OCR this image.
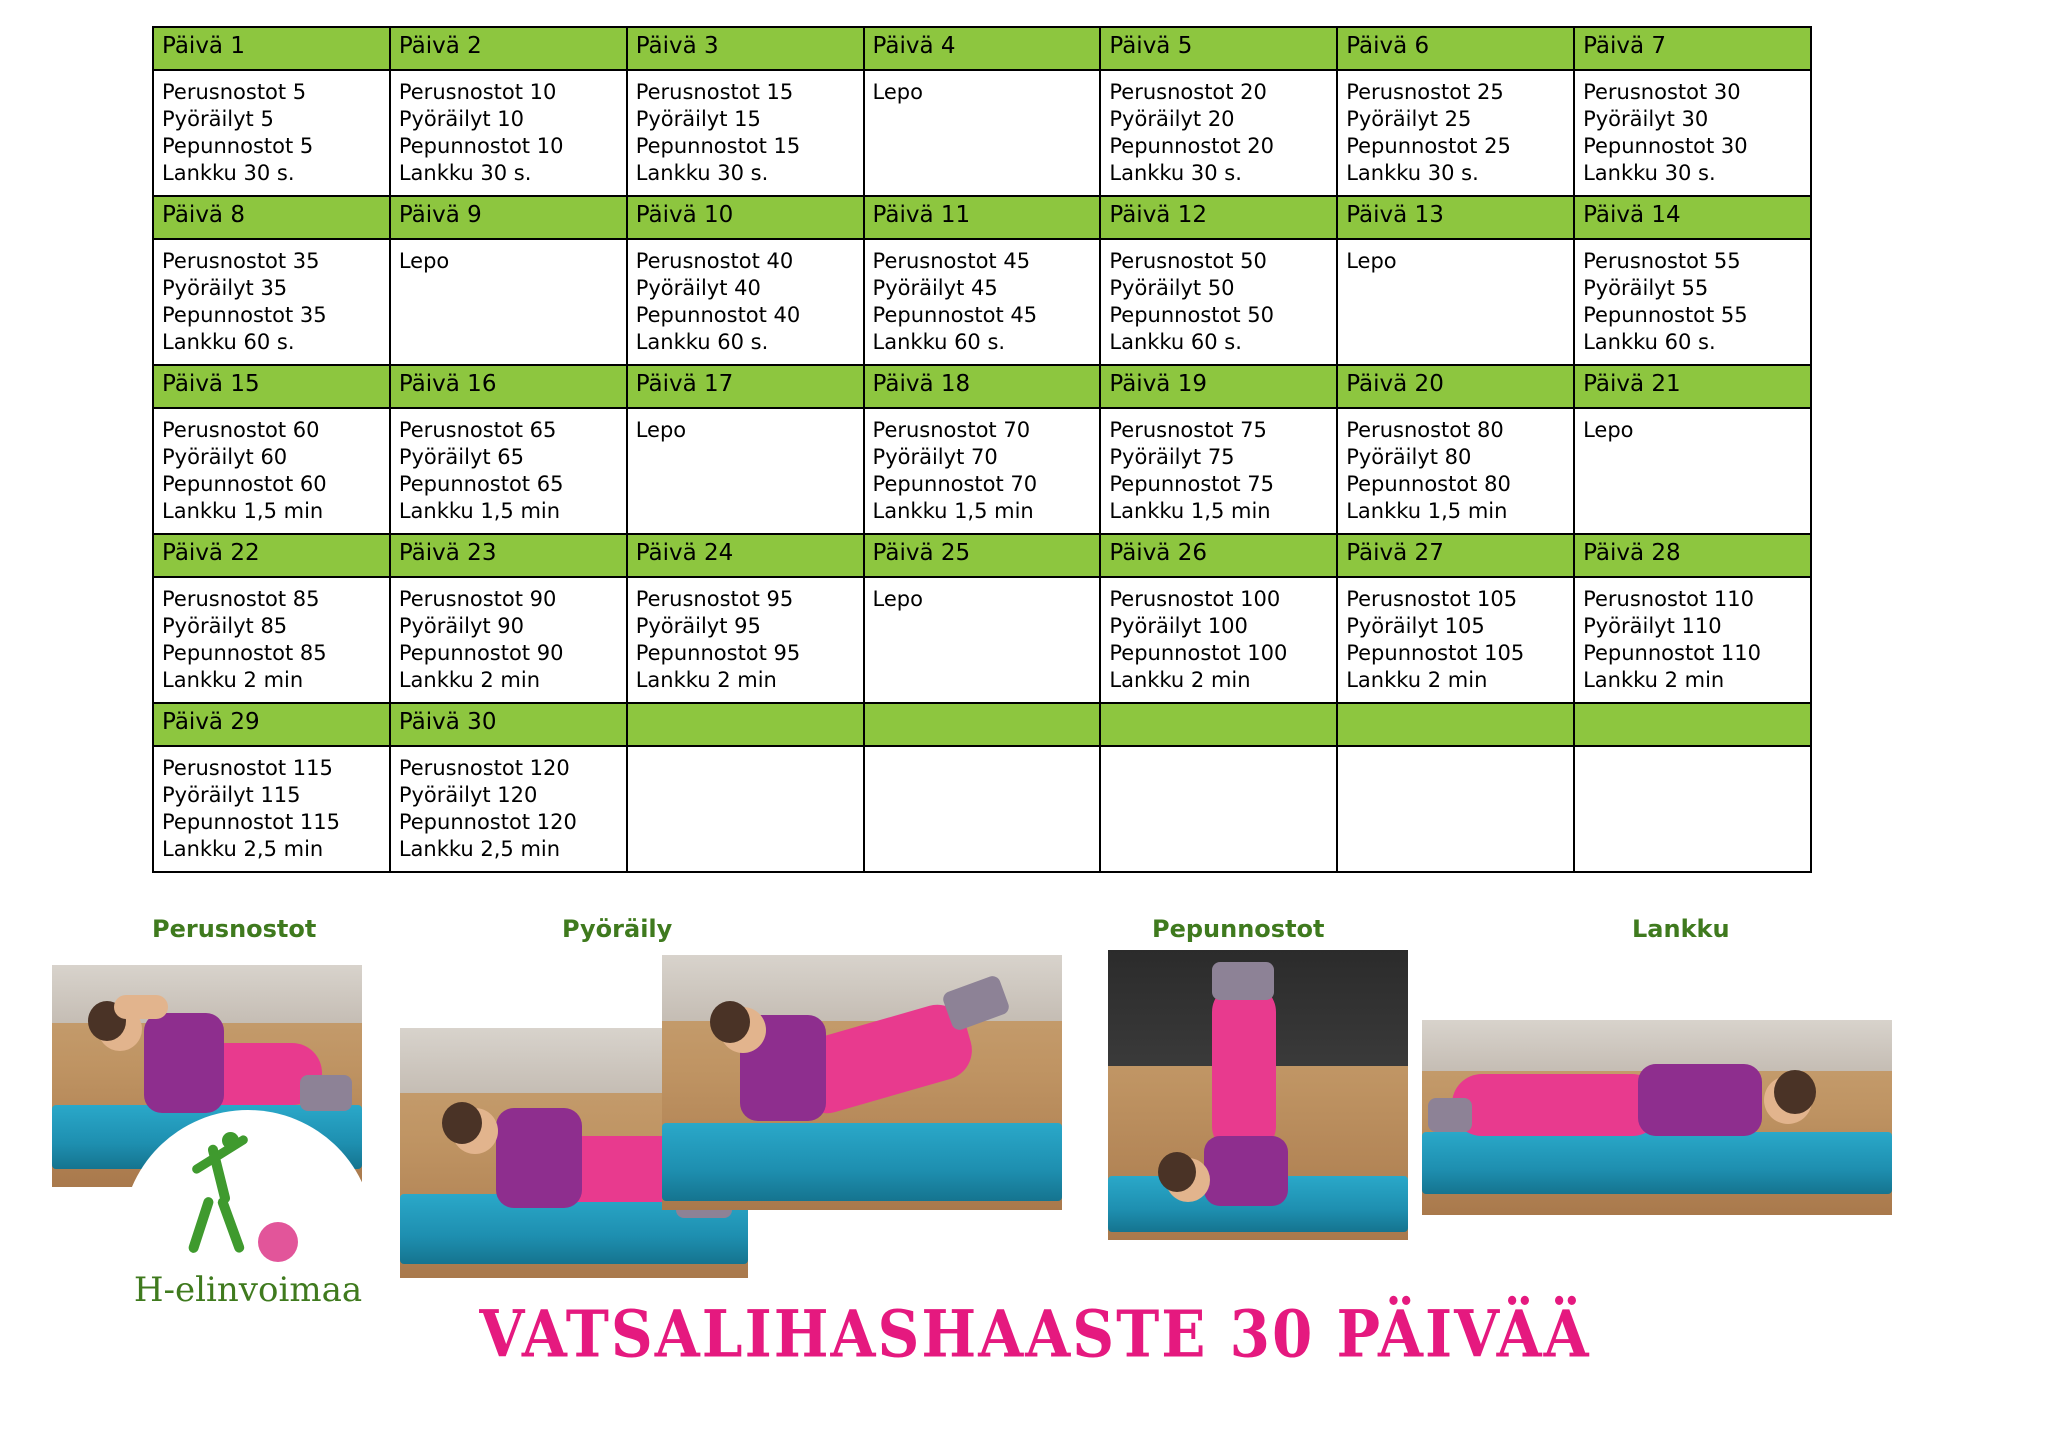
Päivä 1	Päivä 2	Päivä 3	Päivä 4	Päivä 5	Päivä 6	Päivä 7

Perusnostot 5
Pyöräilyt 5
Pepunnostot 5
Lankku 30 s.	Perusnostot 10
Pyöräilyt 10
Pepunnostot 10
Lankku 30 s.	Perusnostot 15
Pyöräilyt 15
Pepunnostot 15
Lankku 30 s.	Lepo	Perusnostot 20
Pyöräilyt 20
Pepunnostot 20
Lankku 30 s.	Perusnostot 25
Pyöräilyt 25
Pepunnostot 25
Lankku 30 s.	Perusnostot 30
Pyöräilyt 30
Pepunnostot 30
Lankku 30 s.

Päivä 8	Päivä 9	Päivä 10	Päivä 11	Päivä 12	Päivä 13	Päivä 14

Perusnostot 35
Pyöräilyt 35
Pepunnostot 35
Lankku 60 s.	Lepo	Perusnostot 40
Pyöräilyt 40
Pepunnostot 40
Lankku 60 s.	Perusnostot 45
Pyöräilyt 45
Pepunnostot 45
Lankku 60 s.	Perusnostot 50
Pyöräilyt 50
Pepunnostot 50
Lankku 60 s.	Lepo	Perusnostot 55
Pyöräilyt 55
Pepunnostot 55
Lankku 60 s.

Päivä 15	Päivä 16	Päivä 17	Päivä 18	Päivä 19	Päivä 20	Päivä 21

Perusnostot 60
Pyöräilyt 60
Pepunnostot 60
Lankku 1,5 min	Perusnostot 65
Pyöräilyt 65
Pepunnostot 65
Lankku 1,5 min	Lepo	Perusnostot 70
Pyöräilyt 70
Pepunnostot 70
Lankku 1,5 min	Perusnostot 75
Pyöräilyt 75
Pepunnostot 75
Lankku 1,5 min	Perusnostot 80
Pyöräilyt 80
Pepunnostot 80
Lankku 1,5 min	Lepo

Päivä 22	Päivä 23	Päivä 24	Päivä 25	Päivä 26	Päivä 27	Päivä 28

Perusnostot 85
Pyöräilyt 85
Pepunnostot 85
Lankku 2 min	Perusnostot 90
Pyöräilyt 90
Pepunnostot 90
Lankku 2 min	Perusnostot 95
Pyöräilyt 95
Pepunnostot 95
Lankku 2 min	Lepo	Perusnostot 100
Pyöräilyt 100
Pepunnostot 100
Lankku 2 min	Perusnostot 105
Pyöräilyt 105
Pepunnostot 105
Lankku 2 min	Perusnostot 110
Pyöräilyt 110
Pepunnostot 110
Lankku 2 min

Päivä 29	Päivä 30					

Perusnostot 115
Pyöräilyt 115
Pepunnostot 115
Lankku 2,5 min	Perusnostot 120
Pyöräilyt 120
Pepunnostot 120
Lankku 2,5 min					

Perusnostot	Pyöräily	Pepunnostot	Lankku
H-elinvoimaa
VATSALIHASHAASTE 30 PÄIVÄÄ
